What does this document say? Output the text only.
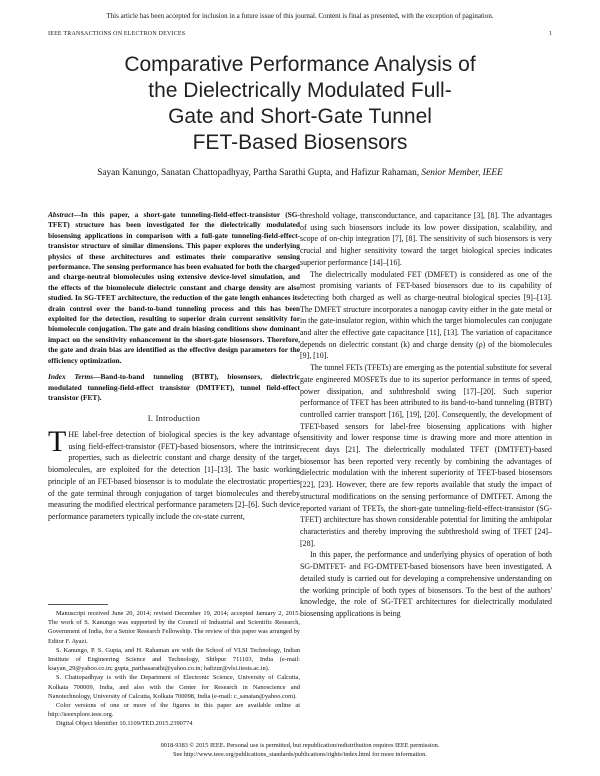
This article has been accepted for inclusion in a future issue of this journal. Content is final as presented, with the exception of pagination.
IEEE TRANSACTIONS ON ELECTRON DEVICES	1
Comparative Performance Analysis of
the Dielectrically Modulated Full-
Gate and Short-Gate Tunnel
FET-Based Biosensors
Sayan Kanungo, Sanatan Chattopadhyay, Partha Sarathi Gupta, and Hafizur Rahaman, Senior Member, IEEE

Abstract—In this paper, a short-gate tunneling-field-effect-transistor (SG-TFET) structure has been investigated for the dielectrically modulated biosensing applications in comparison with a full-gate tunneling-field-effect-transistor structure of similar dimensions. This paper explores the underlying physics of these architectures and estimates their comparative sensing performance. The sensing performance has been evaluated for both the charged and charge-neutral biomolecules using extensive device-level simulation, and the effects of the biomolecule dielectric constant and charge density are also studied. In SG-TFET architecture, the reduction of the gate length enhances its drain control over the band-to-band tunneling process and this has been exploited for the detection, resulting to superior drain current sensitivity for biomolecule conjugation. The gate and drain biasing conditions show dominant impact on the sensitivity enhancement in the short-gate biosensors. Therefore, the gate and drain bias are identified as the effective design parameters for the efficiency optimization.

Index Terms—Band-to-band tunneling (BTBT), biosensors, dielectric modulated tunneling-field-effect transistor (DMTFET), tunnel field-effect transistor (FET).

I. Introduction

THE label-free detection of biological species is the key advantage of using field-effect-transistor (FET)-based biosensors, where the intrinsic properties, such as dielectric constant and charge density of the target biomolecules, are exploited for the detection [1]–[13]. The basic working principle of an FET-based biosensor is to modulate the electrostatic properties of the gate terminal through conjugation of target biomolecules and thereby measuring the modified electrical performance parameters [2]–[6]. Such device performance parameters typically include the on-state current,

Manuscript received June 20, 2014; revised December 19, 2014; accepted January 2, 2015. The work of S. Kanungo was supported by the Council of Industrial and Scientific Research, Government of India, for a Senior Research Fellowship. The review of this paper was arranged by Editor F. Ayazi.

S. Kanungo, P. S. Gupta, and H. Rahaman are with the School of VLSI Technology, Indian Institute of Engineering Science and Technology, Shibpur 711103, India (e-mail: ksayan_29@yahoo.co.in; gupta_parthasarathi@yahoo.co.in; hafizur@vlsi.iiests.ac.in).

S. Chattopadhyay is with the Department of Electronic Science, University of Calcutta, Kolkata 700009, India, and also with the Center for Research in Nanoscience and Nanotechnology, University of Calcutta, Kolkata 700098, India (e-mail: c_sanatan@yahoo.com).

Color versions of one or more of the figures in this paper are available online at http://ieeexplore.ieee.org.

Digital Object Identifier 10.1109/TED.2015.2390774

threshold voltage, transconductance, and capacitance [3], [8]. The advantages of using such biosensors include its low power dissipation, scalability, and scope of on-chip integration [7], [8]. The sensitivity of such biosensors is very crucial and higher sensitivity toward the target biological species indicates superior performance [14]–[16].

The dielectrically modulated FET (DMFET) is considered as one of the most promising variants of FET-based biosensors due to its capability of detecting both charged as well as charge-neutral biological species [9]–[13]. The DMFET structure incorporates a nanogap cavity either in the gate metal or in the gate-insulator region, within which the target biomolecules can conjugate and alter the effective gate capacitance [11], [13]. The variation of capacitance depends on dielectric constant (k) and charge density (ρ) of the biomolecules [9], [10].

The tunnel FETs (TFETs) are emerging as the potential substitute for several gate engineered MOSFETs due to its superior performance in terms of speed, power dissipation, and subthreshold swing [17]–[20]. Such superior performance of TFET has been attributed to its band-to-band tunneling (BTBT) controlled carrier transport [16], [19], [20]. Consequently, the development of TFET-based sensors for label-free biosensing applications with higher sensitivity and lower response time is drawing more and more attention in recent days [21]. The dielectrically modulated TFET (DMTFET)-based biosensor has been reported very recently by combining the advantages of dielectric modulation with the inherent superiority of TFET-based biosensors [22], [23]. However, there are few reports available that study the impact of structural modifications on the sensing performance of DMTFET. Among the reported variant of TFETs, the short-gate tunneling-field-effect-transistor (SG-TFET) architecture has shown considerable potential for limiting the ambipolar characteristics and thereby improving the subthreshold swing of TFET [24]–[28].

In this paper, the performance and underlying physics of operation of both SG-DMTFET- and FG-DMTFET-based biosensors have been investigated. A detailed study is carried out for developing a comprehensive understanding on the working principle of both types of biosensors. To the best of the authors' knowledge, the role of SG-TFET architectures for dielectrically modulated biosensing applications is being

0018-9383 © 2015 IEEE. Personal use is permitted, but republication/redistribution requires IEEE permission.
See http://www.ieee.org/publications_standards/publications/rights/index.html for more information.
